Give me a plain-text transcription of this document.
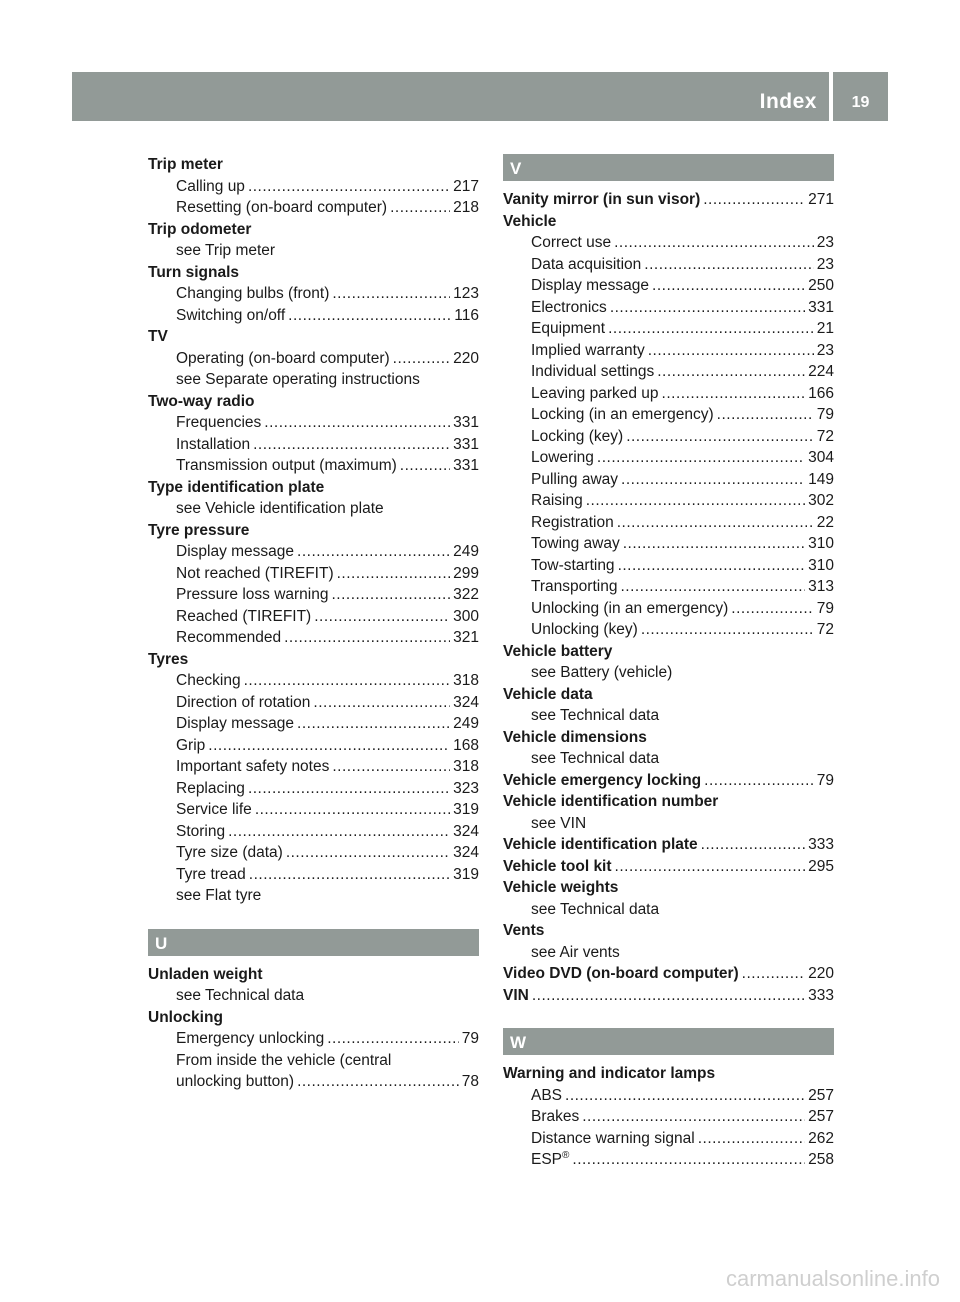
Index	19
Trip meter
Calling up .....	217
Resetting (on-board computer) .....	218
Trip odometer
see Trip meter
Turn signals
Changing bulbs (front) .....	123
Switching on/off .....	116
TV
Operating (on-board computer) .....	220
see Separate operating instructions
Two-way radio
Frequencies .....	331
Installation .....	331
Transmission output (maximum) .....	331
Type identification plate
see Vehicle identification plate
Tyre pressure
Display message .....	249
Not reached (TIREFIT) .....	299
Pressure loss warning .....	322
Reached (TIREFIT) .....	300
Recommended .....	321
Tyres
Checking .....	318
Direction of rotation .....	324
Display message .....	249
Grip .....	168
Important safety notes .....	318
Replacing .....	323
Service life .....	319
Storing .....	324
Tyre size (data) .....	324
Tyre tread .....	319
see Flat tyre
U
Unladen weight
see Technical data
Unlocking
Emergency unlocking .....	79
From inside the vehicle (central
unlocking button) .....	78
V
Vanity mirror (in sun visor) .....	271
Vehicle
Correct use .....	23
Data acquisition .....	23
Display message .....	250
Electronics .....	331
Equipment .....	21
Implied warranty .....	23
Individual settings .....	224
Leaving parked up .....	166
Locking (in an emergency) .....	79
Locking (key) .....	72
Lowering .....	304
Pulling away .....	149
Raising .....	302
Registration .....	22
Towing away .....	310
Tow-starting .....	310
Transporting .....	313
Unlocking (in an emergency) .....	79
Unlocking (key) .....	72
Vehicle battery
see Battery (vehicle)
Vehicle data
see Technical data
Vehicle dimensions
see Technical data
Vehicle emergency locking .....	79
Vehicle identification number
see VIN
Vehicle identification plate .....	333
Vehicle tool kit .....	295
Vehicle weights
see Technical data
Vents
see Air vents
Video DVD (on-board computer) .....	220
VIN .....	333
W
Warning and indicator lamps
ABS .....	257
Brakes .....	257
Distance warning signal .....	262
ESP® .....	258
carmanualsonline.info
